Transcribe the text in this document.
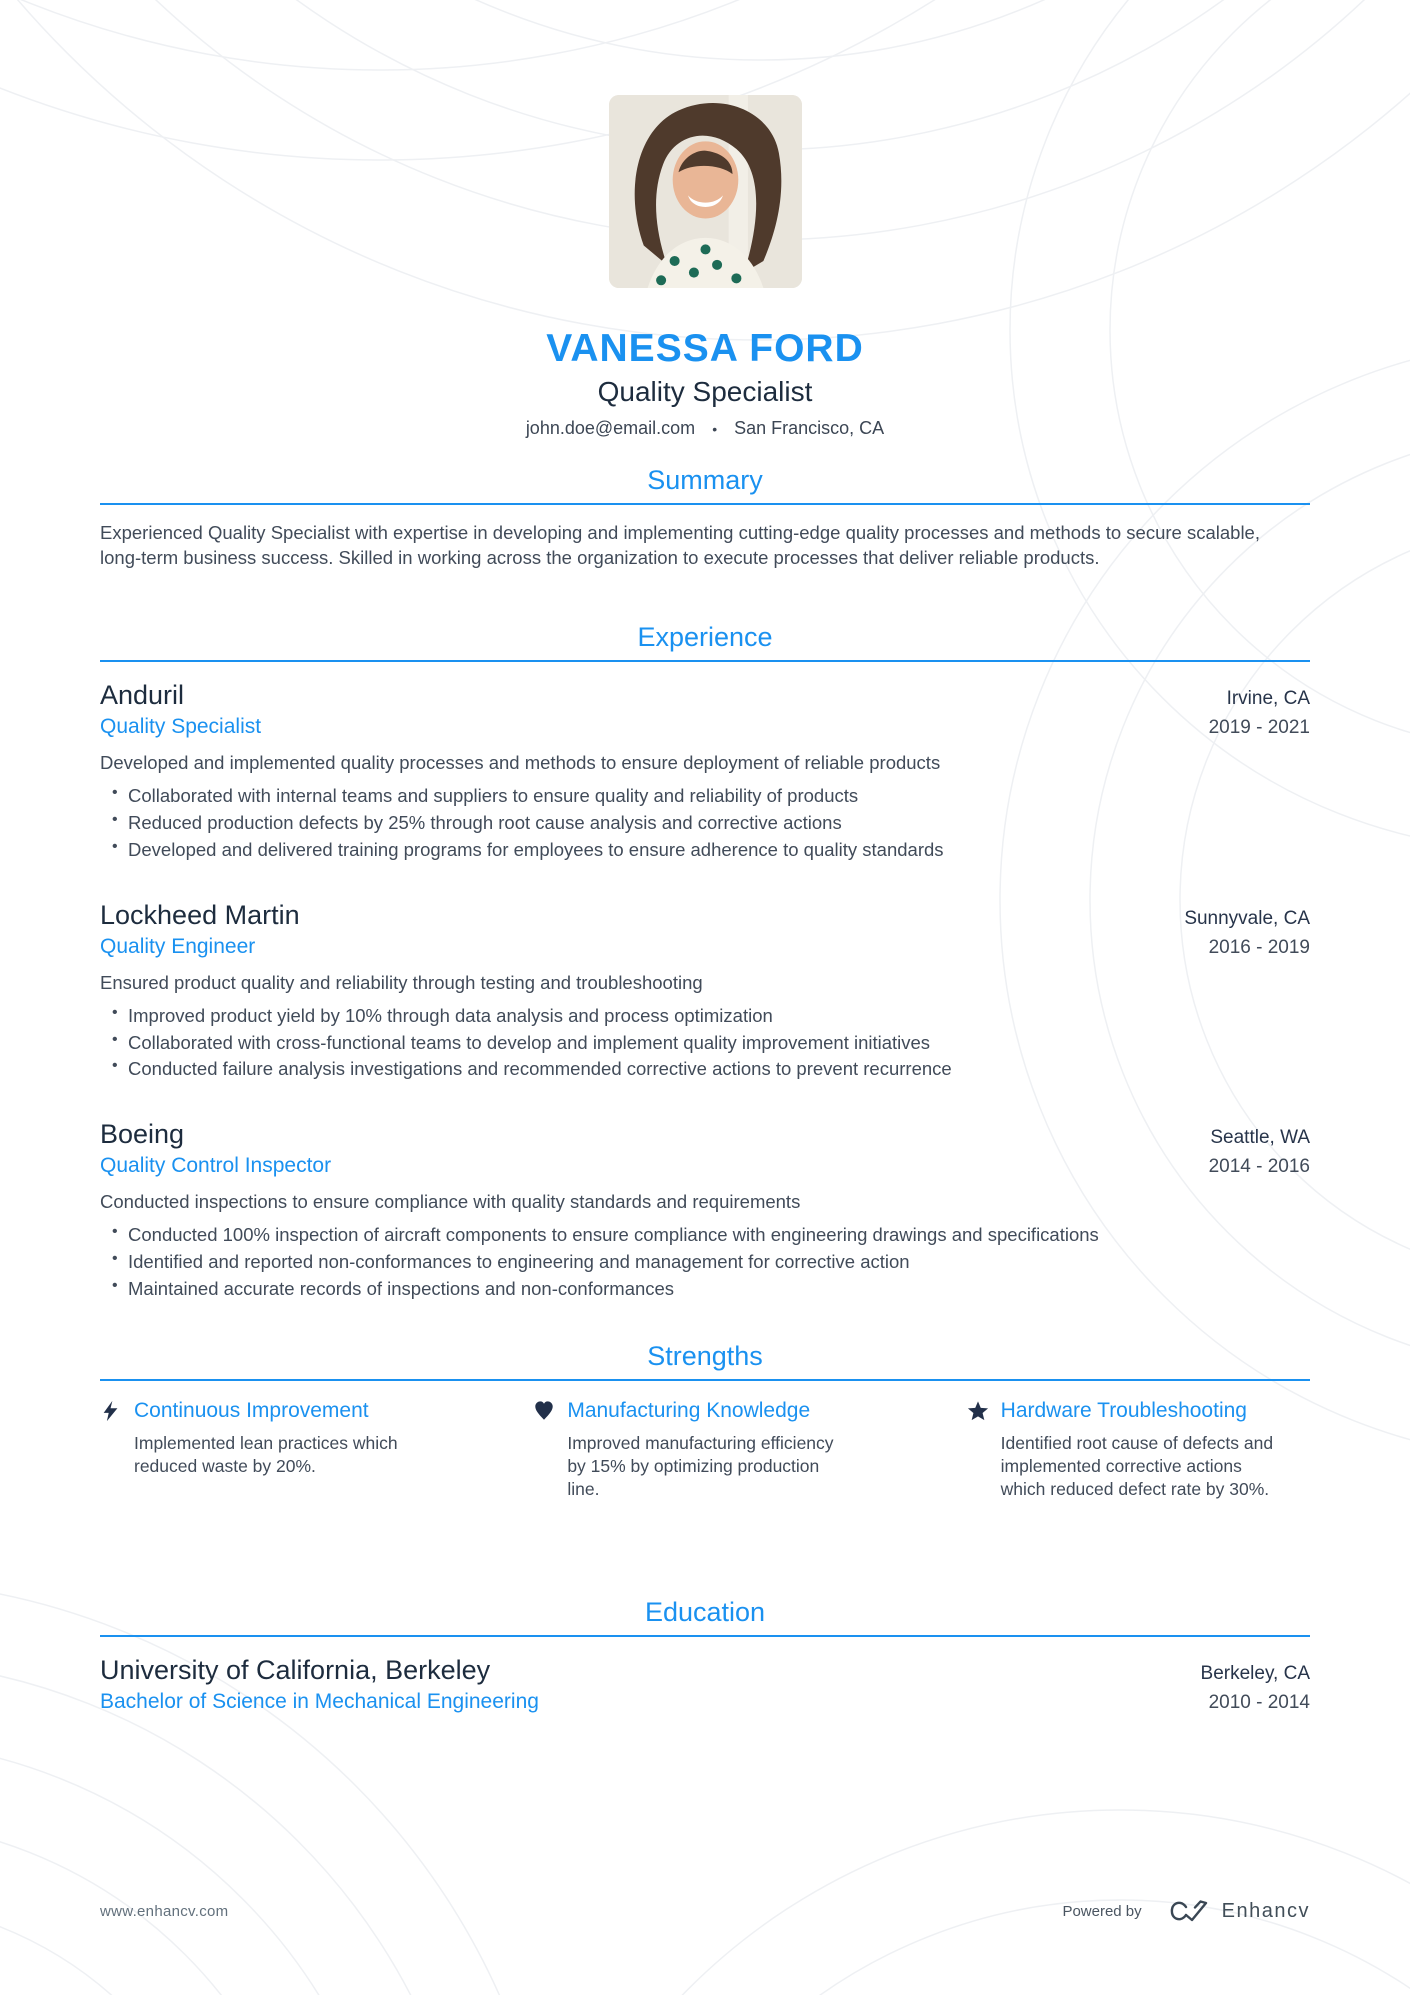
VANESSA FORD
Quality Specialist
john.doe@email.com • San Francisco, CA
Summary

Experienced Quality Specialist with expertise in developing and implementing cutting-edge quality processes and methods to secure scalable, long-term business success. Skilled in working across the organization to execute processes that deliver reliable products.

Experience
Anduril	Irvine, CA
Quality Specialist	2019 - 2021

Developed and implemented quality processes and methods to ensure deployment of reliable products

• Collaborated with internal teams and suppliers to ensure quality and reliability of products
• Reduced production defects by 25% through root cause analysis and corrective actions
• Developed and delivered training programs for employees to ensure adherence to quality standards
Lockheed Martin	Sunnyvale, CA
Quality Engineer	2016 - 2019

Ensured product quality and reliability through testing and troubleshooting

• Improved product yield by 10% through data analysis and process optimization
• Collaborated with cross-functional teams to develop and implement quality improvement initiatives
• Conducted failure analysis investigations and recommended corrective actions to prevent recurrence
Boeing	Seattle, WA
Quality Control Inspector	2014 - 2016

Conducted inspections to ensure compliance with quality standards and requirements

• Conducted 100% inspection of aircraft components to ensure compliance with engineering drawings and specifications
• Identified and reported non-conformances to engineering and management for corrective action
• Maintained accurate records of inspections and non-conformances
Strengths
Continuous Improvement

Implemented lean practices which reduced waste by 20%.

Manufacturing Knowledge

Improved manufacturing efficiency by 15% by optimizing production line.

Hardware Troubleshooting

Identified root cause of defects and implemented corrective actions which reduced defect rate by 30%.

Education
University of California, Berkeley	Berkeley, CA
Bachelor of Science in Mechanical Engineering	2010 - 2014
www.enhancv.com	Powered by	Enhancv
